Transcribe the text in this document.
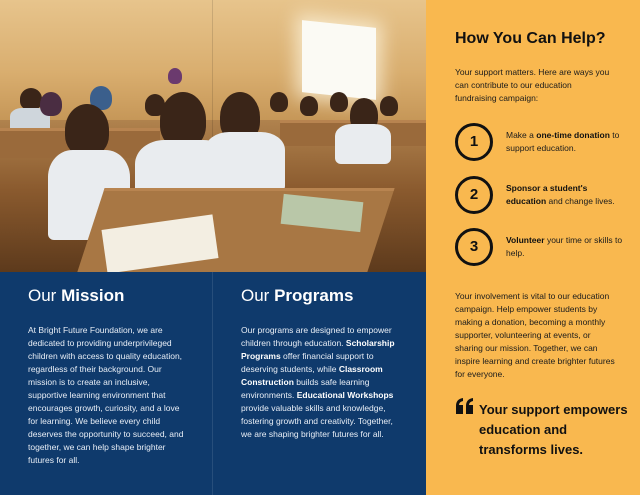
Our Mission

At Bright Future Foundation, we are dedicated to providing underprivileged children with access to quality education, regardless of their background. Our mission is to create an inclusive, supportive learning environment that encourages growth, curiosity, and a love for learning. We believe every child deserves the opportunity to succeed, and together, we can help shape brighter futures for all.

Our Programs

Our programs are designed to empower children through education. Scholarship Programs offer financial support to deserving students, while Classroom Construction builds safe learning environments. Educational Workshops provide valuable skills and knowledge, fostering growth and creativity. Together, we are shaping brighter futures for all.

How You Can Help?
Your support matters. Here are ways you can contribute to our education fundraising campaign:
1	Make a one-time donation to support education.
2	Sponsor a student's education and change lives.
3	Volunteer your time or skills to help.
Your involvement is vital to our education campaign. Help empower students by making a donation, becoming a monthly supporter, volunteering at events, or sharing our mission. Together, we can inspire learning and create brighter futures for everyone.
Your support empowers education and transforms lives.
